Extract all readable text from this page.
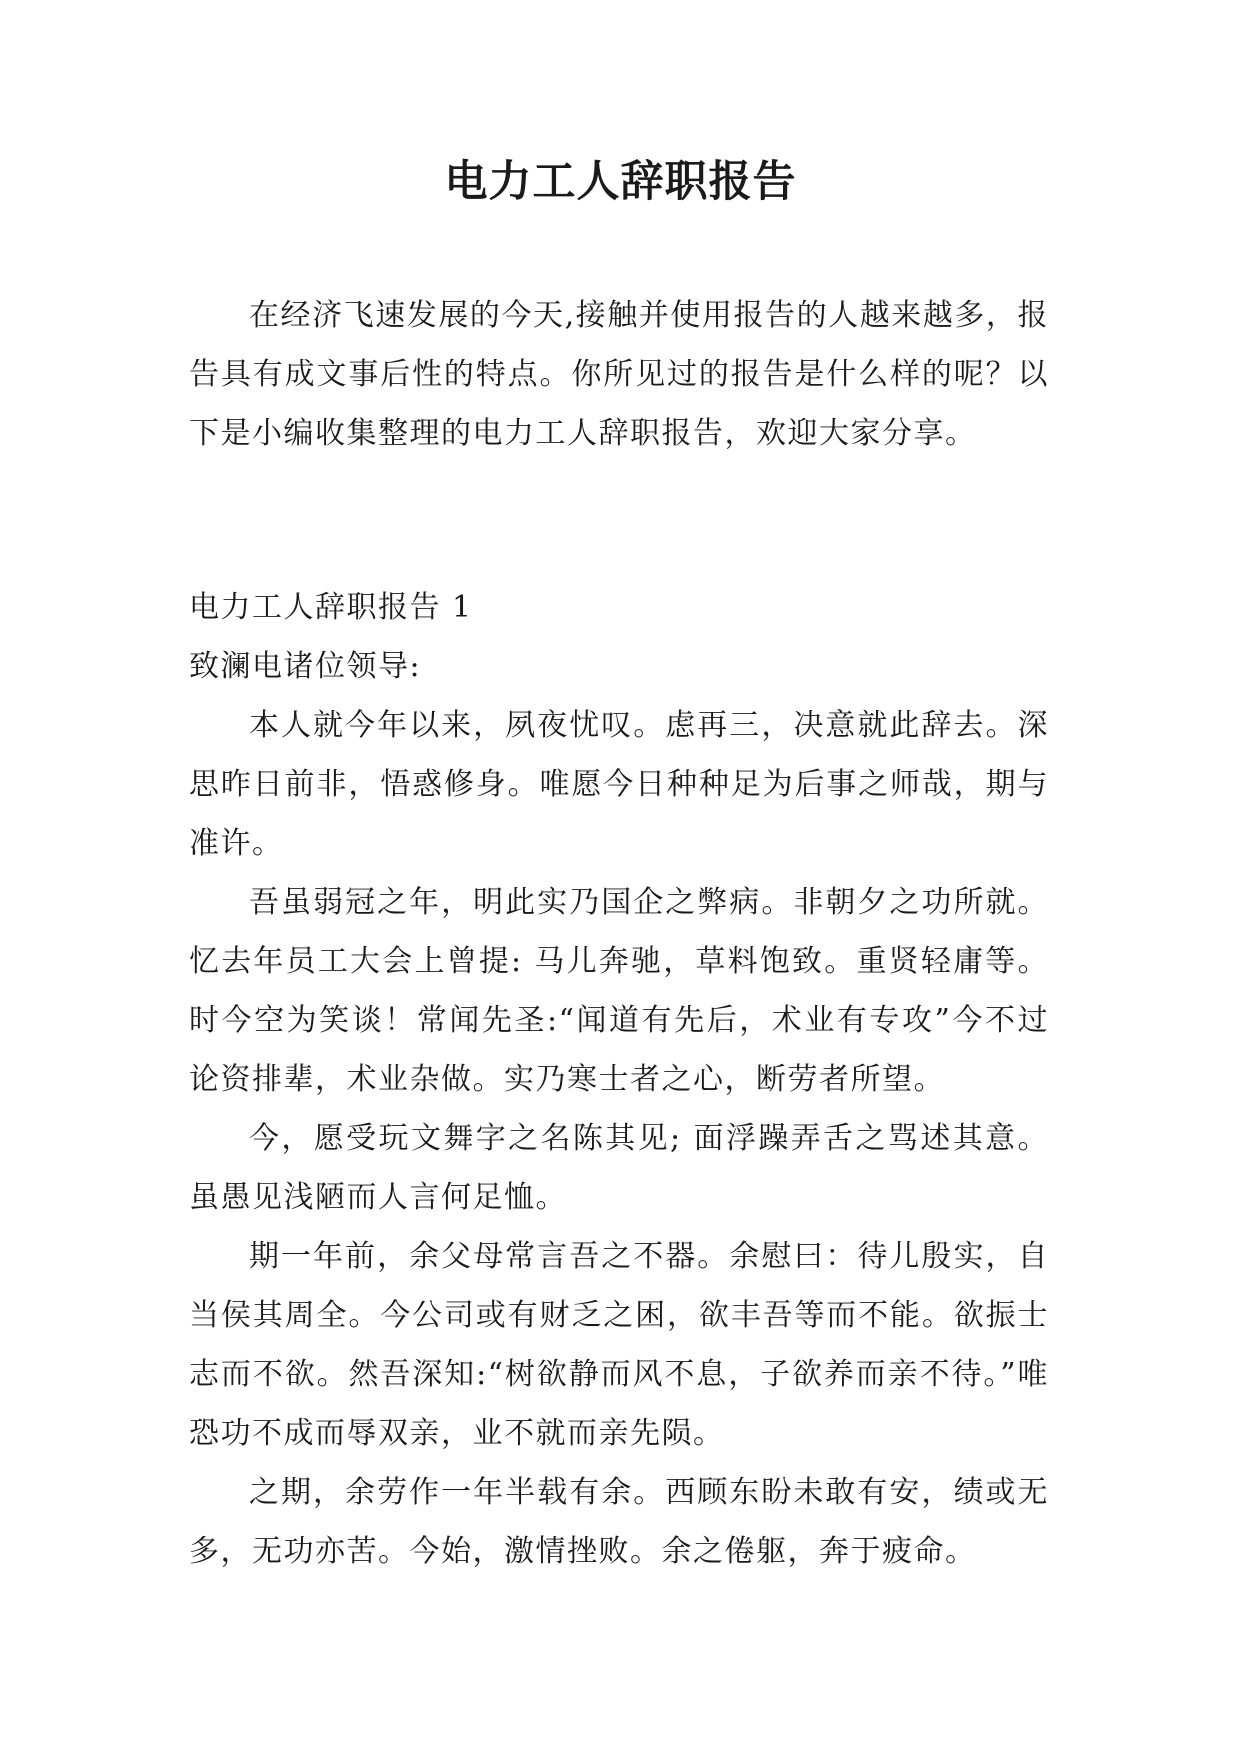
电力工人辞职报告

在经济飞速发展的今天,接触并使用报告的人越来越多，报告具有成文事后性的特点。你所见过的报告是什么样的呢？以下是小编收集整理的电力工人辞职报告，欢迎大家分享。

电力工人辞职报告 1

致澜电诸位领导:

本人就今年以来，夙夜忧叹。虑再三，决意就此辞去。深思昨日前非，悟惑修身。唯愿今日种种足为后事之师哉，期与准许。

吾虽弱冠之年，明此实乃国企之弊病。非朝夕之功所就。忆去年员工大会上曾提: 马儿奔驰，草料饱致。重贤轻庸等。时今空为笑谈！常闻先圣:“闻道有先后，术业有专攻”今不过论资排辈，术业杂做。实乃寒士者之心，断劳者所望。

今，愿受玩文舞字之名陈其见; 面浮躁弄舌之骂述其意。虽愚见浅陋而人言何足恤。

期一年前，余父母常言吾之不器。余慰曰：待儿殷实，自当侯其周全。今公司或有财乏之困，欲丰吾等而不能。欲振士志而不欲。然吾深知:“树欲静而风不息，子欲养而亲不待。”唯恐功不成而辱双亲，业不就而亲先陨。

之期，余劳作一年半载有余。西顾东盼未敢有安，绩或无多，无功亦苦。今始，激情挫败。余之倦躯，奔于疲命。
